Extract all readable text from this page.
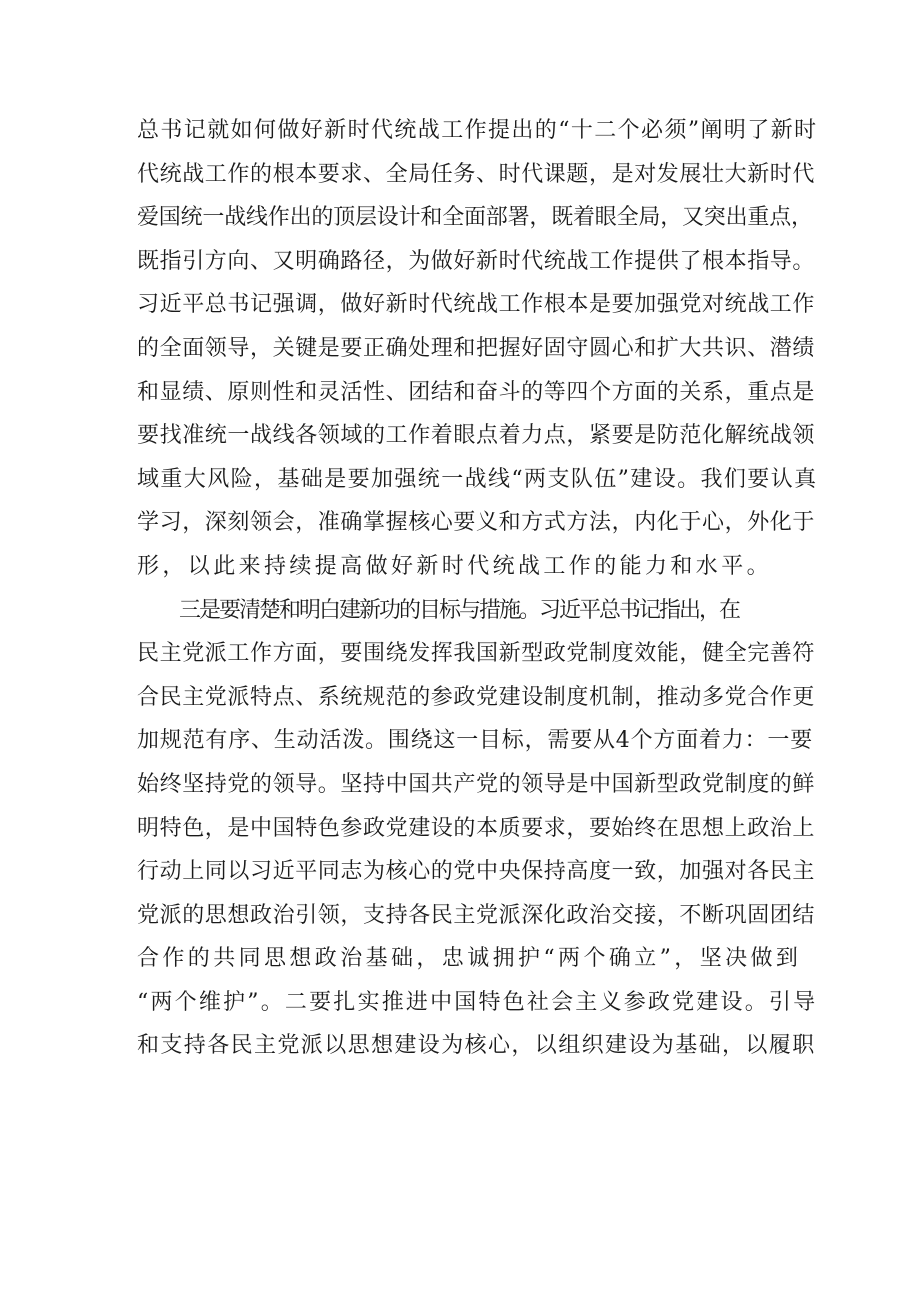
总书记就如何做好新时代统战工作提出的“十二个必须”阐明了新时
代统战工作的根本要求、全局任务、时代课题，是对发展壮大新时代
爱国统一战线作出的顶层设计和全面部署，既着眼全局，又突出重点，
既指引方向、又明确路径，为做好新时代统战工作提供了根本指导。
习近平总书记强调，做好新时代统战工作根本是要加强党对统战工作
的全面领导，关键是要正确处理和把握好固守圆心和扩大共识、潜绩
和显绩、原则性和灵活性、团结和奋斗的等四个方面的关系，重点是
要找准统一战线各领域的工作着眼点着力点，紧要是防范化解统战领
域重大风险，基础是要加强统一战线“两支队伍”建设。我们要认真
学习，深刻领会，准确掌握核心要义和方式方法，内化于心，外化于
形，以此来持续提高做好新时代统战工作的能力和水平。
三是要清楚和明白建新功的目标与措施。习近平总书记指出，在
民主党派工作方面，要围绕发挥我国新型政党制度效能，健全完善符
合民主党派特点、系统规范的参政党建设制度机制，推动多党合作更
加规范有序、生动活泼。围绕这一目标，需要从4个方面着力：一要
始终坚持党的领导。坚持中国共产党的领导是中国新型政党制度的鲜
明特色，是中国特色参政党建设的本质要求，要始终在思想上政治上
行动上同以习近平同志为核心的党中央保持高度一致，加强对各民主
党派的思想政治引领，支持各民主党派深化政治交接，不断巩固团结
合作的共同思想政治基础，忠诚拥护“两个确立”，坚决做到
“两个维护”。二要扎实推进中国特色社会主义参政党建设。引导
和支持各民主党派以思想建设为核心，以组织建设为基础，以履职
